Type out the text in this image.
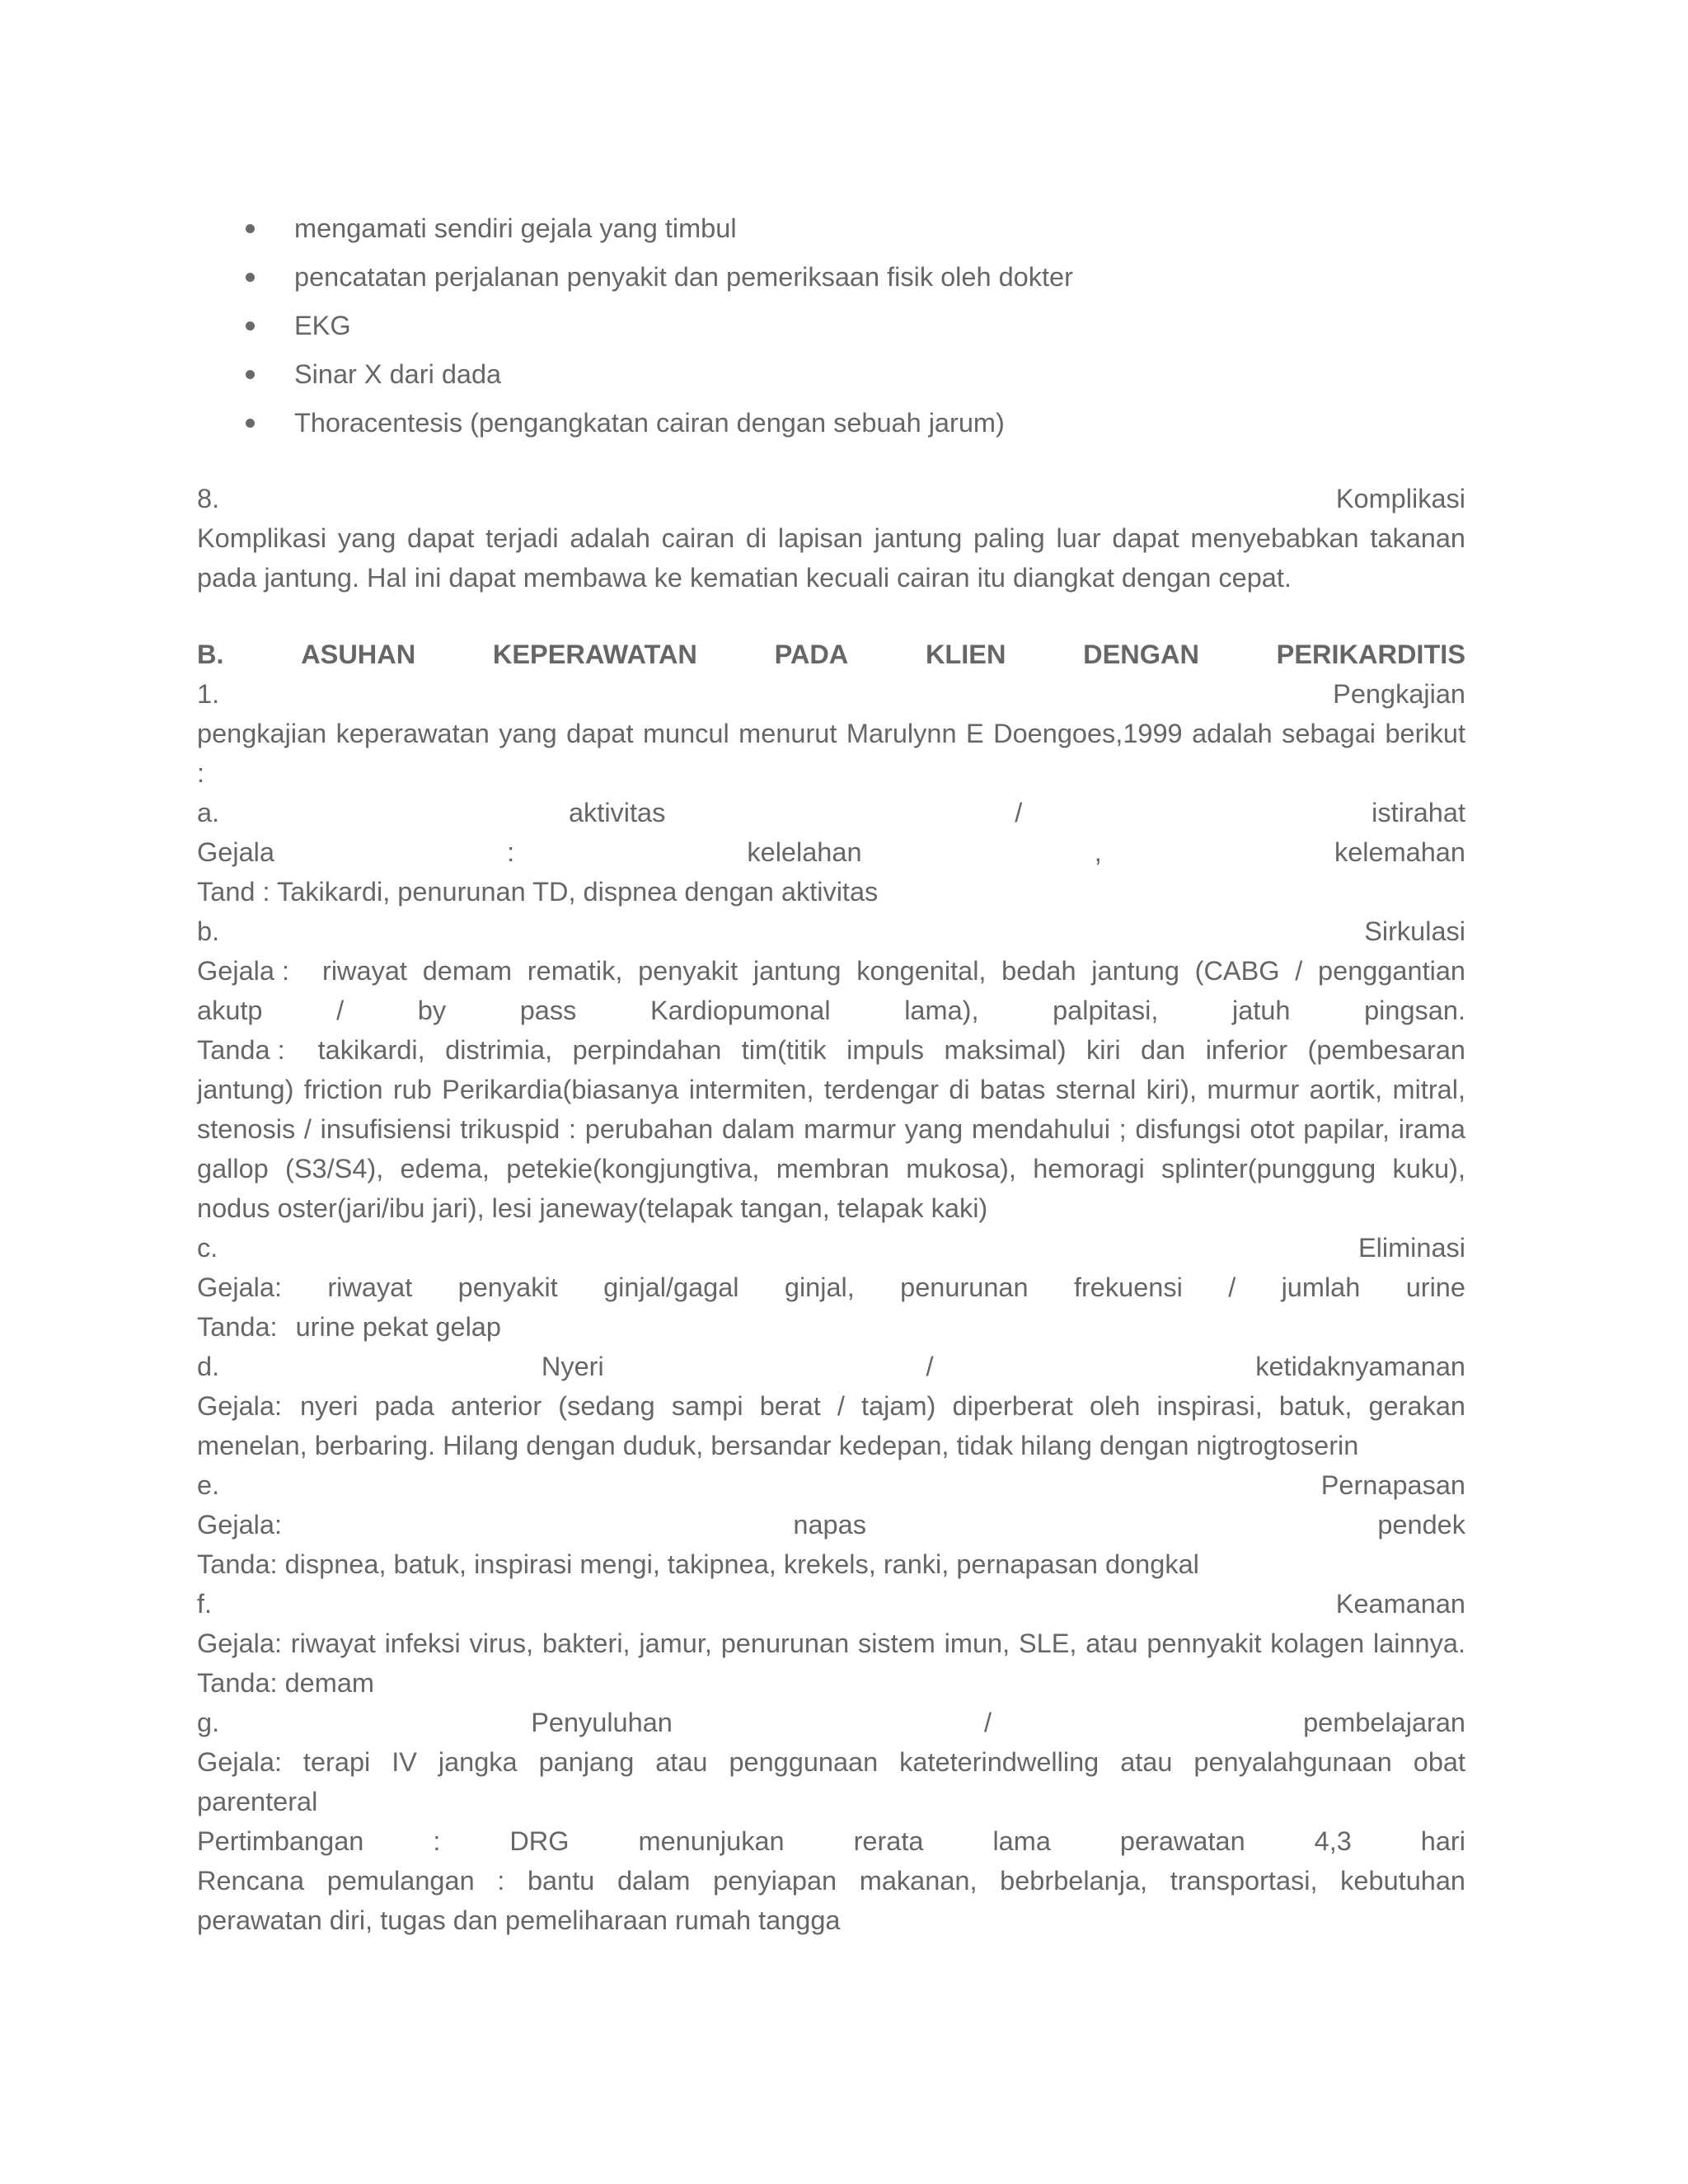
mengamati sendiri gejala yang timbul
pencatatan perjalanan penyakit dan pemeriksaan fisik oleh dokter
EKG
Sinar X dari dada
Thoracentesis (pengangkatan cairan dengan sebuah jarum)
8.	Komplikasi
Komplikasi yang dapat terjadi adalah cairan di lapisan jantung paling luar dapat menyebabkan takanan
pada jantung. Hal ini dapat membawa ke kematian kecuali cairan itu diangkat dengan cepat.
B.	ASUHAN	KEPERAWATAN	PADA	KLIEN	DENGAN	PERIKARDITIS
1.	Pengkajian
pengkajian keperawatan yang dapat muncul menurut Marulynn E Doengoes,1999 adalah sebagai berikut
:
a.	aktivitas	/	istirahat
Gejala	:	kelelahan	,	kelemahan
Tand : Takikardi, penurunan TD, dispnea dengan aktivitas
b.	Sirkulasi
Gejala : riwayat demam rematik, penyakit jantung kongenital, bedah jantung (CABG / penggantian
akutp	/	by	pass	Kardiopumonal	lama),	palpitasi,	jatuh	pingsan.
Tanda : takikardi, distrimia, perpindahan tim(titik impuls maksimal) kiri dan inferior (pembesaran
jantung) friction rub Perikardia(biasanya intermiten, terdengar di batas sternal kiri), murmur aortik, mitral,
stenosis / insufisiensi trikuspid : perubahan dalam marmur yang mendahului ; disfungsi otot papilar, irama
gallop (S3/S4), edema, petekie(kongjungtiva, membran mukosa), hemoragi splinter(punggung kuku),
nodus oster(jari/ibu jari), lesi janeway(telapak tangan, telapak kaki)
c.	Eliminasi
Gejala: riwayat penyakit ginjal/gagal ginjal, penurunan frekuensi / jumlah urine
Tanda: urine pekat gelap
d.	Nyeri	/	ketidaknyamanan
Gejala: nyeri pada anterior (sedang sampi berat / tajam) diperberat oleh inspirasi, batuk, gerakan
menelan, berbaring. Hilang dengan duduk, bersandar kedepan, tidak hilang dengan nigtrogtoserin
e.	Pernapasan
Gejala:	napas	pendek
Tanda: dispnea, batuk, inspirasi mengi, takipnea, krekels, ranki, pernapasan dongkal
f.	Keamanan
Gejala: riwayat infeksi virus, bakteri, jamur, penurunan sistem imun, SLE, atau pennyakit kolagen lainnya.
Tanda: demam
g.	Penyuluhan	/	pembelajaran
Gejala: terapi IV jangka panjang atau penggunaan kateterindwelling atau penyalahgunaan obat
parenteral
Pertimbangan	:	DRG	menunjukan	rerata	lama	perawatan	4,3	hari
Rencana pemulangan : bantu dalam penyiapan makanan, bebrbelanja, transportasi, kebutuhan
perawatan diri, tugas dan pemeliharaan rumah tangga
